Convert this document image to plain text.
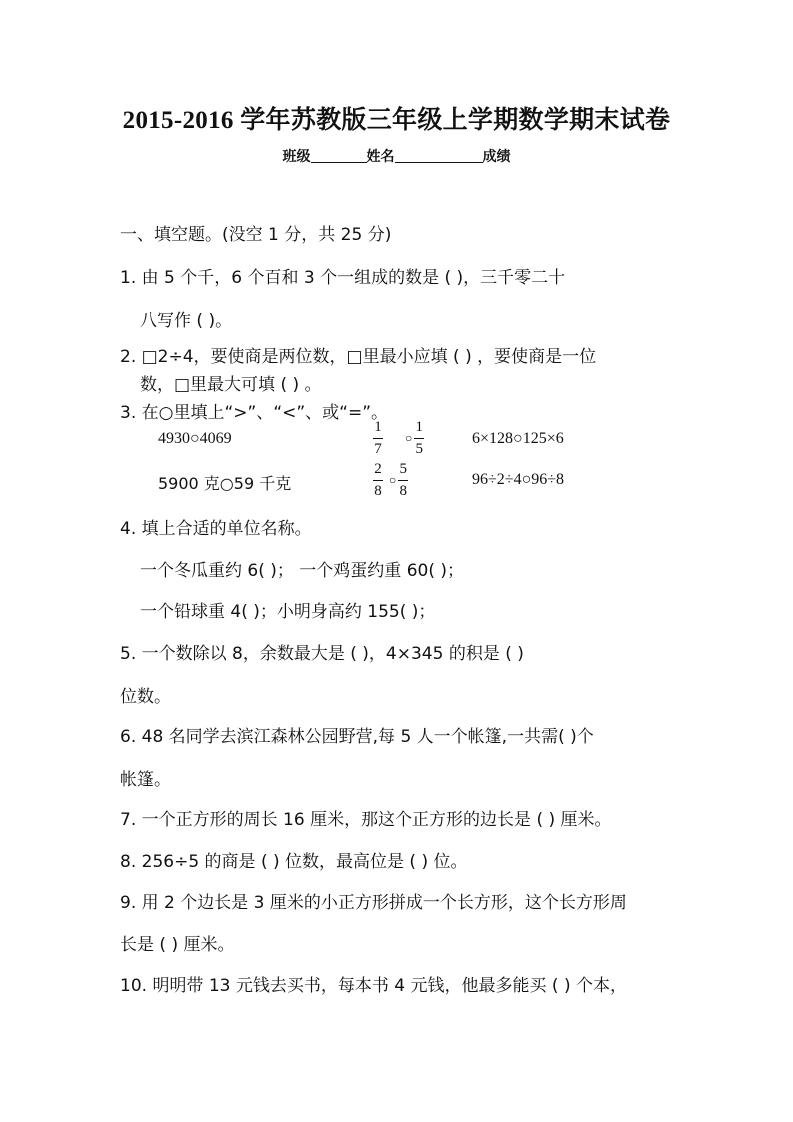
2015-2016 学年苏教版三年级上学期数学期末试卷
班级	姓名	成绩
一、填空题。(没空 1 分，共 25 分)
1. 由 5 个千，6 个百和 3 个一组成的数是 ( )，三千零二十
八写作 ( )。
2. □2÷4，要使商是两位数，□里最小应填 ( ) ，要使商是一位
数，□里最大可填 ( ) 。
3. 在○里填上“>”、“<”、或“=”。
4930○4069	$\frac{1}{7}$ ○ $\frac{1}{5}$	6×128○125×6
5900 克○59 千克	$\frac{2}{8}$ ○ $\frac{5}{8}$	96÷2÷4○96÷8
4. 填上合适的单位名称。
一个冬瓜重约 6( )； 一个鸡蛋约重 60( )；
一个铅球重 4( )；小明身高约 155( )；
5. 一个数除以 8，余数最大是 ( )，4×345 的积是 ( )
位数。
6. 48 名同学去滨江森林公园野营,每 5 人一个帐篷,一共需( )个
帐篷。
7. 一个正方形的周长 16 厘米，那这个正方形的边长是 ( ) 厘米。
8. 256÷5 的商是 ( ) 位数，最高位是 ( ) 位。
9. 用 2 个边长是 3 厘米的小正方形拼成一个长方形，这个长方形周
长是 ( ) 厘米。
10. 明明带 13 元钱去买书，每本书 4 元钱，他最多能买 ( ) 个本，
